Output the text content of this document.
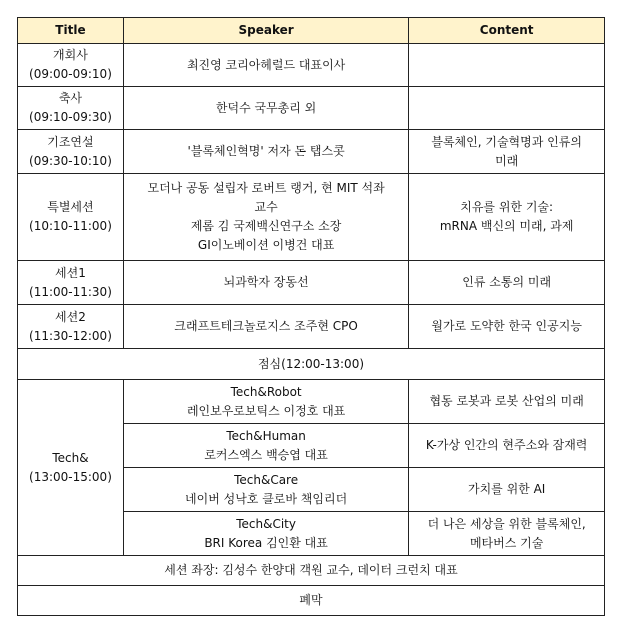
Title	Speaker	Content

개회사
(09:00-09:10)	최진영 코리아헤럴드 대표이사	

축사
(09:10-09:30)	한덕수 국무총리 외	

기조연설
(09:30-10:10)	'블록체인혁명' 저자 돈 탭스콧	블록체인, 기술혁명과 인류의
미래

특별세션
(10:10-11:00)	모더나 공동 설립자 로버트 랭거, 현 MIT 석좌
교수
제롬 김 국제백신연구소 소장
GI이노베이션 이병건 대표	치유를 위한 기술:
mRNA 백신의 미래, 과제

세션1
(11:00-11:30)	뇌과학자 장동선	인류 소통의 미래

세션2
(11:30-12:00)	크래프트테크놀로지스 조주현 CPO	월가로 도약한 한국 인공지능

점심(12:00-13:00)		

Tech&
(13:00-15:00)	Tech&Robot
레인보우로보틱스 이정호 대표	협동 로봇과 로봇 산업의 미래

	Tech&Human
로커스엑스 백승엽 대표	K-가상 인간의 현주소와 잠재력

	Tech&Care
네이버 성낙호 클로바 책임리더	가치를 위한 AI

	Tech&City
BRI Korea 김인환 대표	더 나은 세상을 위한 블록체인,
메타버스 기술

세션 좌장: 김성수 한양대 객원 교수, 데이터 크런치 대표		
폐막		
